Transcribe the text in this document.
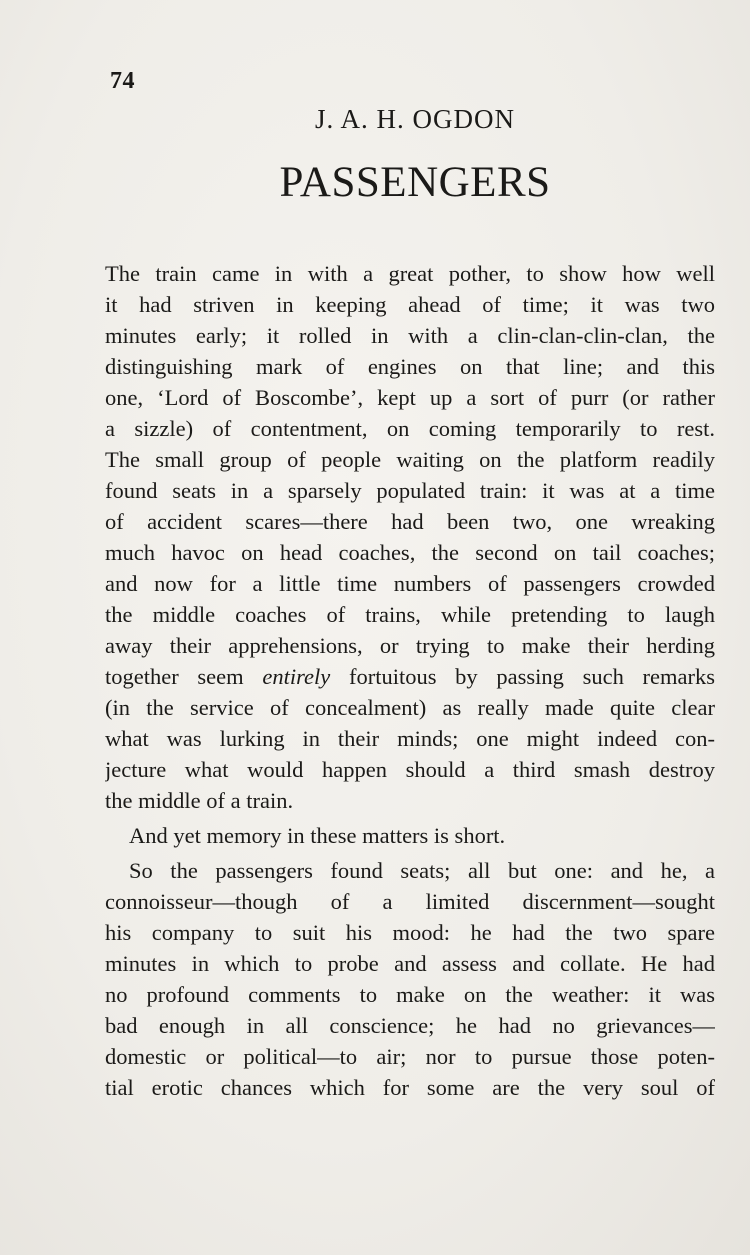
74
J. A. H. OGDON
PASSENGERS
The train came in with a great pother, to show how well
it had striven in keeping ahead of time; it was two
minutes early; it rolled in with a clin-clan-clin-clan, the
distinguishing mark of engines on that line; and this
one, ‘Lord of Boscombe’, kept up a sort of purr (or rather
a sizzle) of contentment, on coming temporarily to rest.
The small group of people waiting on the platform readily
found seats in a sparsely populated train: it was at a time
of accident scares—there had been two, one wreaking
much havoc on head coaches, the second on tail coaches;
and now for a little time numbers of passengers crowded
the middle coaches of trains, while pretending to laugh
away their apprehensions, or trying to make their herding
together seem entirely fortuitous by passing such remarks
(in the service of concealment) as really made quite clear
what was lurking in their minds; one might indeed con-
jecture what would happen should a third smash destroy
the middle of a train.
And yet memory in these matters is short.
So the passengers found seats; all but one: and he, a
connoisseur—though of a limited discernment—sought
his company to suit his mood: he had the two spare
minutes in which to probe and assess and collate. He had
no profound comments to make on the weather: it was
bad enough in all conscience; he had no grievances—
domestic or political—to air; nor to pursue those poten-
tial erotic chances which for some are the very soul of
